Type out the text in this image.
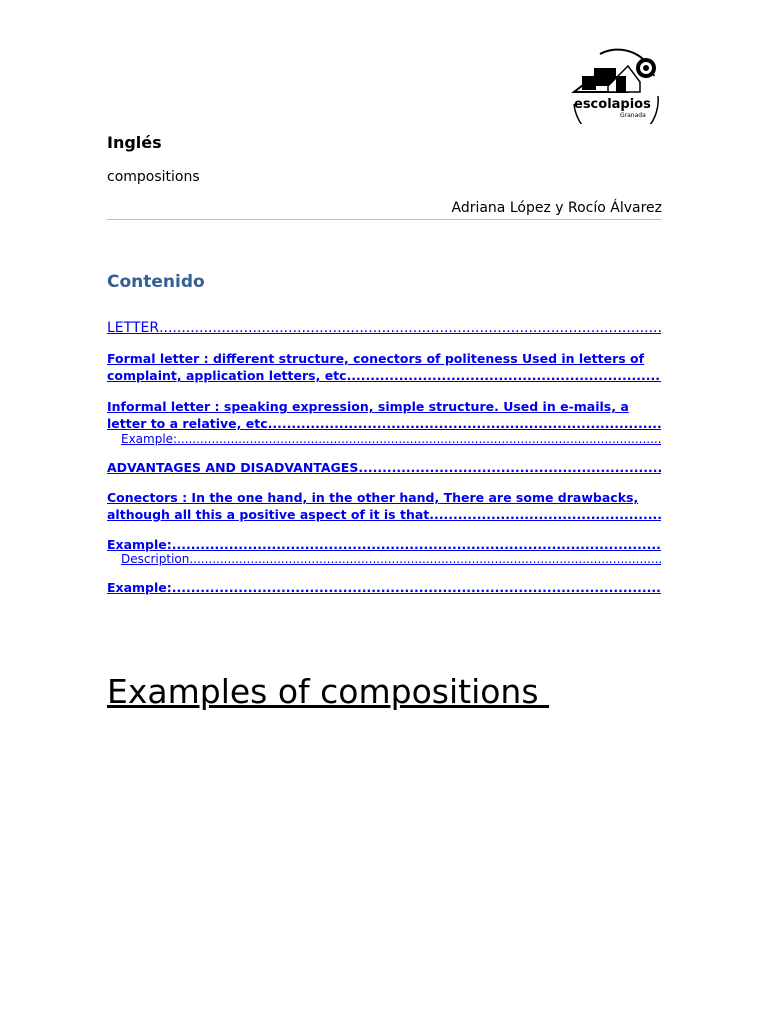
escolapios
Granada
Inglés

compositions

Adriana López y Rocío Álvarez

Contenido
LETTER
.....
Formal letter : different structure, conectors of politeness Used in letters of
complaint, application letters, etc
.....
Informal letter : speaking expression, simple structure. Used in e-mails, a
letter to a relative, etc
.....
Example:
.....
ADVANTAGES AND DISADVANTAGES
.....
Conectors : In the one hand, in the other hand, There are some drawbacks,
although all this a positive aspect of it is that
.....
Example:
.....
Description
.....
Example:
.....
Examples of compositions
